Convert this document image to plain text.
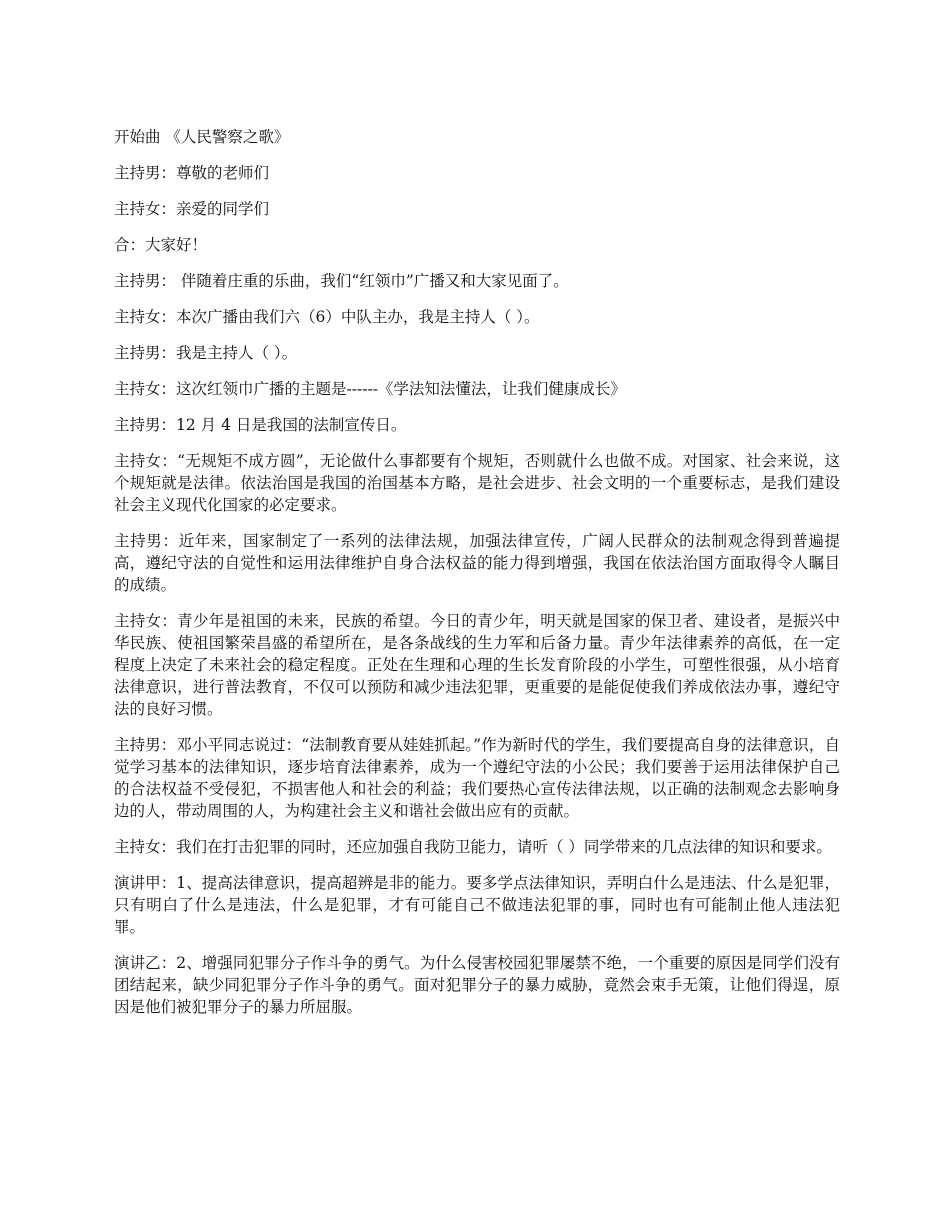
开始曲 《人民警察之歌》

主持男：尊敬的老师们

主持女：亲爱的同学们

合：大家好！

主持男： 伴随着庄重的乐曲，我们“红领巾”广播又和大家见面了。

主持女：本次广播由我们六（6）中队主办，我是主持人（ ）。

主持男：我是主持人（ ）。

主持女：这次红领巾广播的主题是------《学法知法懂法，让我们健康成长》

主持男：12 月 4 日是我国的法制宣传日。

主持女：“无规矩不成方圆”，无论做什么事都要有个规矩，否则就什么也做不成。对国家、社会来说，这个规矩就是法律。依法治国是我国的治国基本方略，是社会进步、社会文明的一个重要标志，是我们建设社会主义现代化国家的必定要求。

主持男：近年来，国家制定了一系列的法律法规，加强法律宣传，广阔人民群众的法制观念得到普遍提高，遵纪守法的自觉性和运用法律维护自身合法权益的能力得到增强，我国在依法治国方面取得令人瞩目的成绩。

主持女：青少年是祖国的未来，民族的希望。今日的青少年，明天就是国家的保卫者、建设者，是振兴中华民族、使祖国繁荣昌盛的希望所在，是各条战线的生力军和后备力量。青少年法律素养的高低，在一定程度上决定了未来社会的稳定程度。正处在生理和心理的生长发育阶段的小学生，可塑性很强，从小培育法律意识，进行普法教育，不仅可以预防和减少违法犯罪，更重要的是能促使我们养成依法办事，遵纪守法的良好习惯。

主持男：邓小平同志说过：“法制教育要从娃娃抓起。”作为新时代的学生，我们要提高自身的法律意识，自觉学习基本的法律知识，逐步培育法律素养，成为一个遵纪守法的小公民；我们要善于运用法律保护自己的合法权益不受侵犯，不损害他人和社会的利益；我们要热心宣传法律法规，以正确的法制观念去影响身边的人，带动周围的人，为构建社会主义和谐社会做出应有的贡献。

主持女：我们在打击犯罪的同时，还应加强自我防卫能力，请听（ ）同学带来的几点法律的知识和要求。

演讲甲：1、提高法律意识，提高超辨是非的能力。要多学点法律知识，弄明白什么是违法、什么是犯罪，只有明白了什么是违法，什么是犯罪，才有可能自己不做违法犯罪的事，同时也有可能制止他人违法犯罪。

演讲乙：2、增强同犯罪分子作斗争的勇气。为什么侵害校园犯罪屡禁不绝，一个重要的原因是同学们没有团结起来，缺少同犯罪分子作斗争的勇气。面对犯罪分子的暴力威胁，竟然会束手无策，让他们得逞，原因是他们被犯罪分子的暴力所屈服。
